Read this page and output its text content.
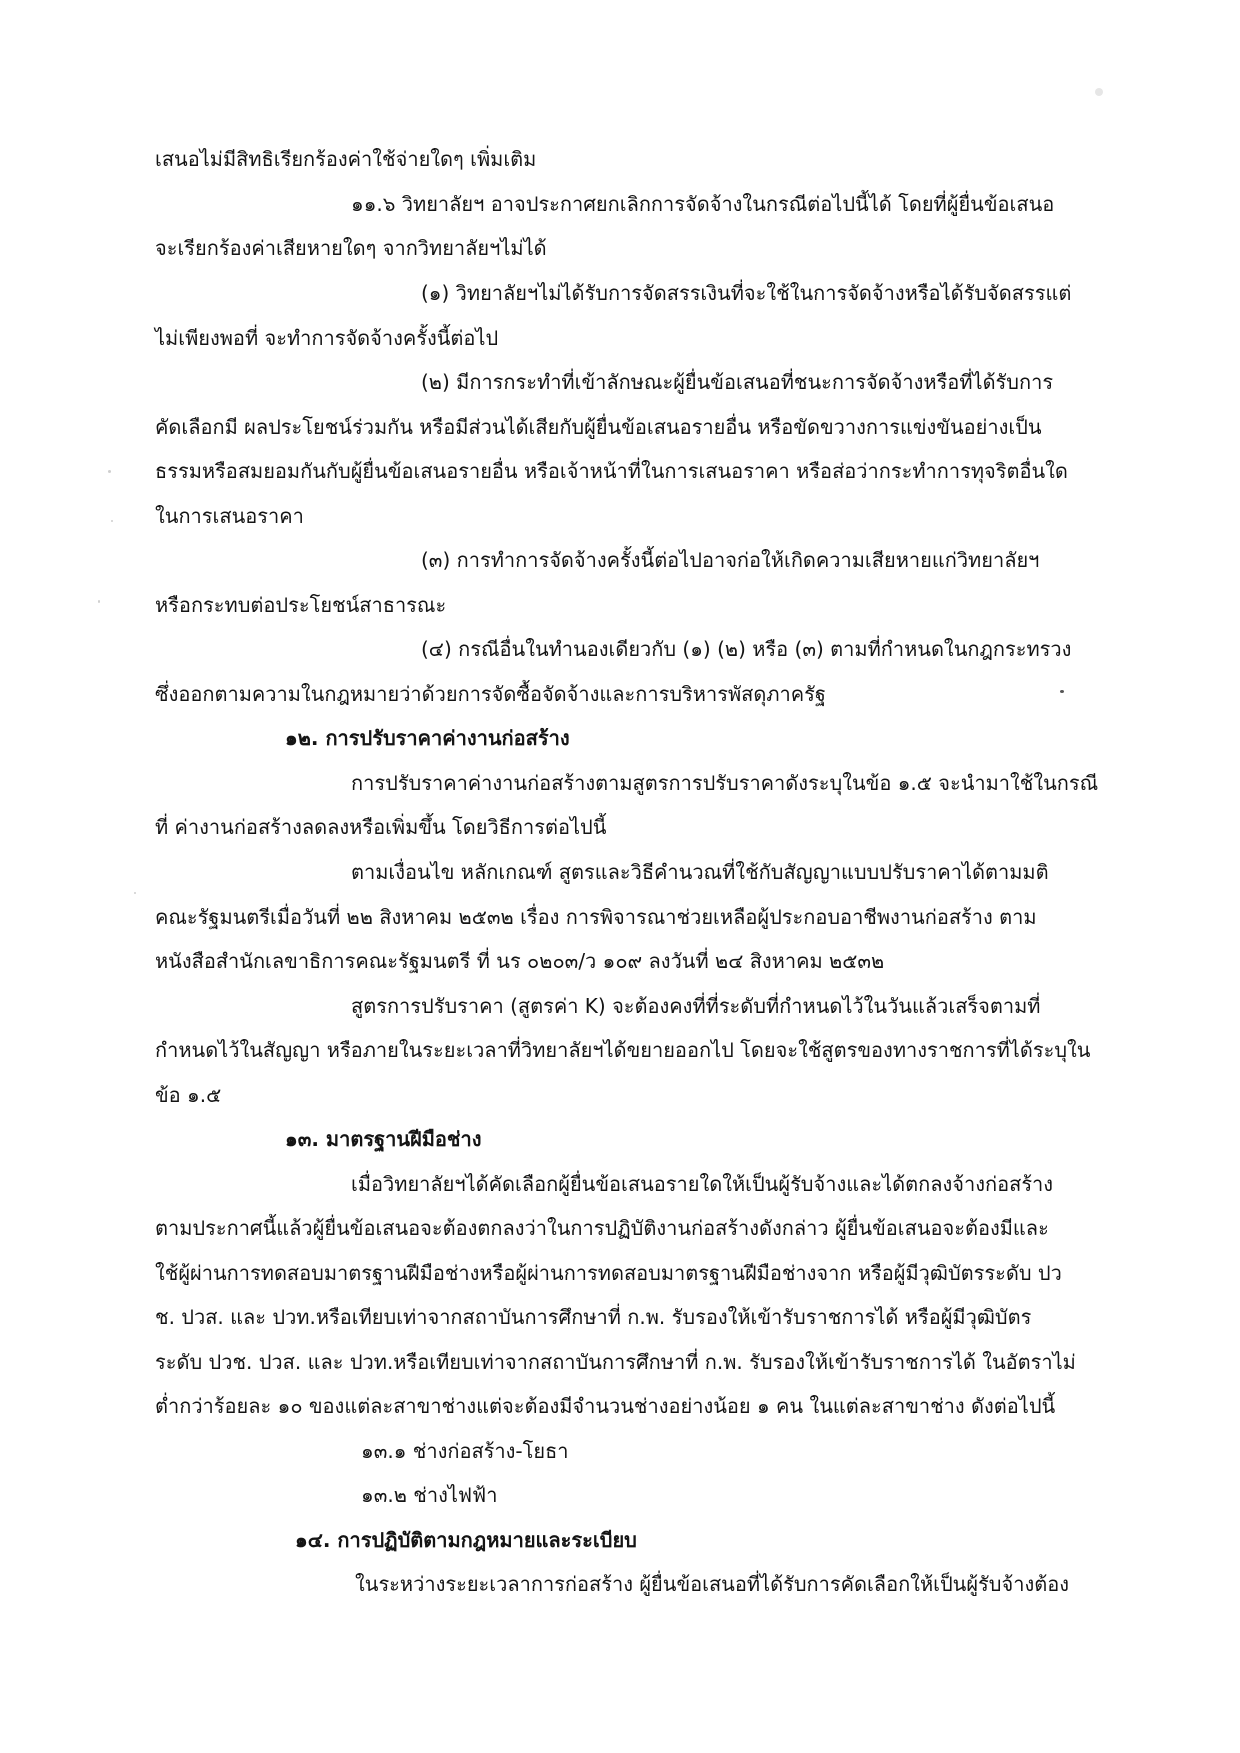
เสนอไม่มีสิทธิเรียกร้องค่าใช้จ่ายใดๆ เพิ่มเติม
๑๑.๖ วิทยาลัยฯ อาจประกาศยกเลิกการจัดจ้างในกรณีต่อไปนี้ได้ โดยที่ผู้ยื่นข้อเสนอ
จะเรียกร้องค่าเสียหายใดๆ จากวิทยาลัยฯไม่ได้
(๑) วิทยาลัยฯไม่ได้รับการจัดสรรเงินที่จะใช้ในการจัดจ้างหรือได้รับจัดสรรแต่
ไม่เพียงพอที่ จะทำการจัดจ้างครั้งนี้ต่อไป
(๒) มีการกระทำที่เข้าลักษณะผู้ยื่นข้อเสนอที่ชนะการจัดจ้างหรือที่ได้รับการ
คัดเลือกมี ผลประโยชน์ร่วมกัน หรือมีส่วนได้เสียกับผู้ยื่นข้อเสนอรายอื่น หรือขัดขวางการแข่งขันอย่างเป็น
ธรรมหรือสมยอมกันกับผู้ยื่นข้อเสนอรายอื่น หรือเจ้าหน้าที่ในการเสนอราคา หรือส่อว่ากระทำการทุจริตอื่นใด
ในการเสนอราคา
(๓) การทำการจัดจ้างครั้งนี้ต่อไปอาจก่อให้เกิดความเสียหายแก่วิทยาลัยฯ
หรือกระทบต่อประโยชน์สาธารณะ
(๔) กรณีอื่นในทำนองเดียวกับ (๑) (๒) หรือ (๓) ตามที่กำหนดในกฎกระทรวง
ซึ่งออกตามความในกฎหมายว่าด้วยการจัดซื้อจัดจ้างและการบริหารพัสดุภาครัฐ
๑๒. การปรับราคาค่างานก่อสร้าง
การปรับราคาค่างานก่อสร้างตามสูตรการปรับราคาดังระบุในข้อ ๑.๕ จะนำมาใช้ในกรณี
ที่ ค่างานก่อสร้างลดลงหรือเพิ่มขึ้น โดยวิธีการต่อไปนี้
ตามเงื่อนไข หลักเกณฑ์ สูตรและวิธีคำนวณที่ใช้กับสัญญาแบบปรับราคาได้ตามมติ
คณะรัฐมนตรีเมื่อวันที่ ๒๒ สิงหาคม ๒๕๓๒ เรื่อง การพิจารณาช่วยเหลือผู้ประกอบอาชีพงานก่อสร้าง ตาม
หนังสือสำนักเลขาธิการคณะรัฐมนตรี ที่ นร ๐๒๐๓/ว ๑๐๙ ลงวันที่ ๒๔ สิงหาคม ๒๕๓๒
สูตรการปรับราคา (สูตรค่า K) จะต้องคงที่ที่ระดับที่กำหนดไว้ในวันแล้วเสร็จตามที่
กำหนดไว้ในสัญญา หรือภายในระยะเวลาที่วิทยาลัยฯได้ขยายออกไป โดยจะใช้สูตรของทางราชการที่ได้ระบุใน
ข้อ ๑.๕
๑๓. มาตรฐานฝีมือช่าง
เมื่อวิทยาลัยฯได้คัดเลือกผู้ยื่นข้อเสนอรายใดให้เป็นผู้รับจ้างและได้ตกลงจ้างก่อสร้าง
ตามประกาศนี้แล้วผู้ยื่นข้อเสนอจะต้องตกลงว่าในการปฏิบัติงานก่อสร้างดังกล่าว ผู้ยื่นข้อเสนอจะต้องมีและ
ใช้ผู้ผ่านการทดสอบมาตรฐานฝีมือช่างหรือผู้ผ่านการทดสอบมาตรฐานฝีมือช่างจาก หรือผู้มีวุฒิบัตรระดับ ปว
ช. ปวส. และ ปวท.หรือเทียบเท่าจากสถาบันการศึกษาที่ ก.พ. รับรองให้เข้ารับราชการได้ หรือผู้มีวุฒิบัตร
ระดับ ปวช. ปวส. และ ปวท.หรือเทียบเท่าจากสถาบันการศึกษาที่ ก.พ. รับรองให้เข้ารับราชการได้ ในอัตราไม่
ต่ำกว่าร้อยละ ๑๐ ของแต่ละสาขาช่างแต่จะต้องมีจำนวนช่างอย่างน้อย ๑ คน ในแต่ละสาขาช่าง ดังต่อไปนี้
๑๓.๑ ช่างก่อสร้าง-โยธา
๑๓.๒ ช่างไฟฟ้า
๑๔. การปฏิบัติตามกฎหมายและระเบียบ
ในระหว่างระยะเวลาการก่อสร้าง ผู้ยื่นข้อเสนอที่ได้รับการคัดเลือกให้เป็นผู้รับจ้างต้อง
